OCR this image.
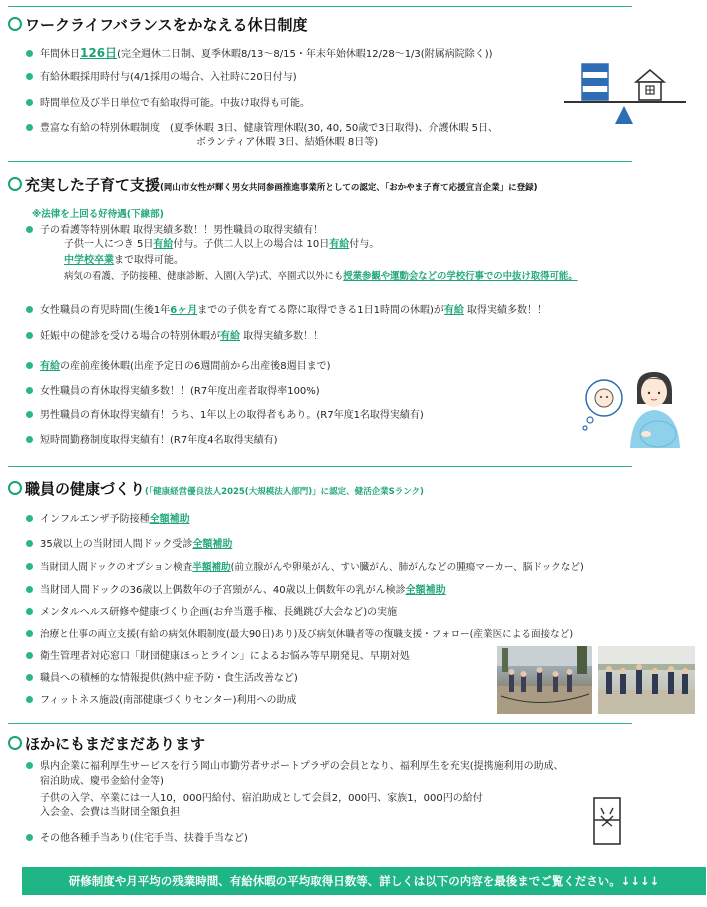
ワークライフバランスをかなえる休日制度
年間休日126日(完全週休二日制、夏季休暇8/13〜8/15・年末年始休暇12/28〜1/3(附属病院除く))
有給休暇採用時付与(4/1採用の場合、入社時に20日付与)
時間単位及び半日単位で有給取得可能。中抜け取得も可能。
豊富な有給の特別休暇制度　(夏季休暇 3日、健康管理休暇(30, 40, 50歳で3日取得)、介護休暇 5日、
ボランティア休暇 3日、結婚休暇 8日等)
充実した子育て支援(岡山市女性が輝く男女共同参画推進事業所としての認定、「おかやま子育て応援宣言企業」に登録)
※法律を上回る好待遇(下線部)
子の看護等特別休暇 取得実績多数！！男性職員の取得実績有！
子供一人につき 5日有給付与。子供二人以上の場合は 10日有給付与。
中学校卒業まで取得可能。
病気の看護、予防接種、健康診断、入園(入学)式、卒園式以外にも授業参観や運動会などの学校行事での中抜け取得可能。
女性職員の育児時間(生後1年6ヶ月までの子供を育てる際に取得できる1日1時間の休暇)が有給 取得実績多数！！
妊娠中の健診を受ける場合の特別休暇が有給 取得実績多数！！
有給の産前産後休暇(出産予定日の6週間前から出産後8週目まで)
女性職員の育休取得実績多数！！(R7年度出産者取得率100%)
男性職員の育休取得実績有！うち、1年以上の取得者もあり。(R7年度1名取得実績有)
短時間勤務制度取得実績有！(R7年度4名取得実績有)
職員の健康づくり(「健康経営優良法人2025(大規模法人部門)」に認定、健活企業Sランク)
インフルエンザ予防接種全額補助
35歳以上の当財団人間ドック受診全額補助
当財団人間ドックのオプション検査半額補助(前立腺がんや卵巣がん、すい臓がん、肺がんなどの腫瘍マーカー、脳ドックなど)
当財団人間ドックの36歳以上偶数年の子宮頸がん、40歳以上偶数年の乳がん検診全額補助
メンタルヘルス研修や健康づくり企画(お弁当選手権、長縄跳び大会など)の実施
治療と仕事の両立支援(有給の病気休暇制度(最大90日)あり)及び病気休職者等の復職支援・フォロー(産業医による面接など)
衛生管理者対応窓口「財団健康ほっとライン」によるお悩み等早期発見、早期対処
職員への積極的な情報提供(熱中症予防・食生活改善など)
フィットネス施設(南部健康づくりセンター)利用への助成
ほかにもまだまだあります
県内企業に福利厚生サービスを行う岡山市勤労者サポートプラザの会員となり、福利厚生を充実(提携施利用の助成、
宿泊助成、慶弔金給付金等)
子供の入学、卒業には一人10，000円給付、宿泊助成として会員2，000円、家族1，000円の給付
入会金、会費は当財団全額負担
その他各種手当あり(住宅手当、扶養手当など)
研修制度や月平均の残業時間、有給休暇の平均取得日数等、詳しくは以下の内容を最後までご覧ください。↓↓↓↓
